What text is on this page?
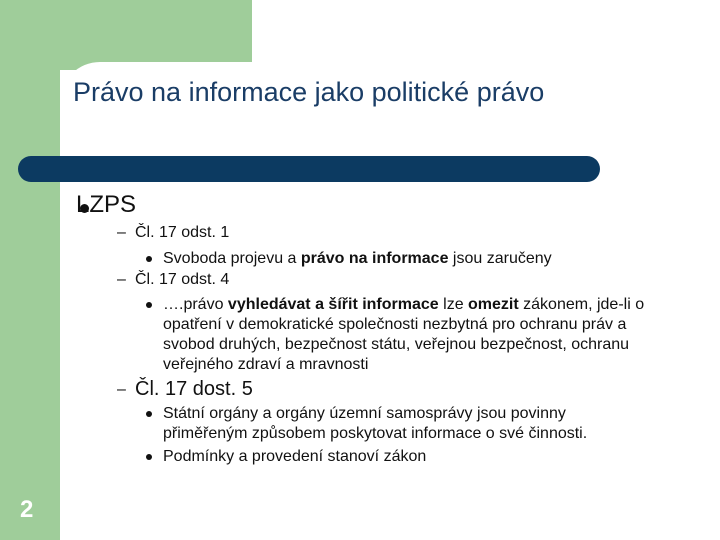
Právo na informace jako politické právo
LZPS
– Čl. 17 odst. 1
Svoboda projevu a právo na informace jsou zaručeny
– Čl. 17 odst. 4
….právo vyhledávat a šířit informace lze omezit zákonem, jde-li o opatření v demokratické společnosti nezbytná pro ochranu práv a svobod druhých, bezpečnost státu, veřejnou bezpečnost, ochranu veřejného zdraví a mravnosti
– Čl. 17 dost. 5
Státní orgány a orgány územní samosprávy jsou povinny přiměřeným způsobem poskytovat informace o své činnosti.
Podmínky a provedení stanoví zákon
2
